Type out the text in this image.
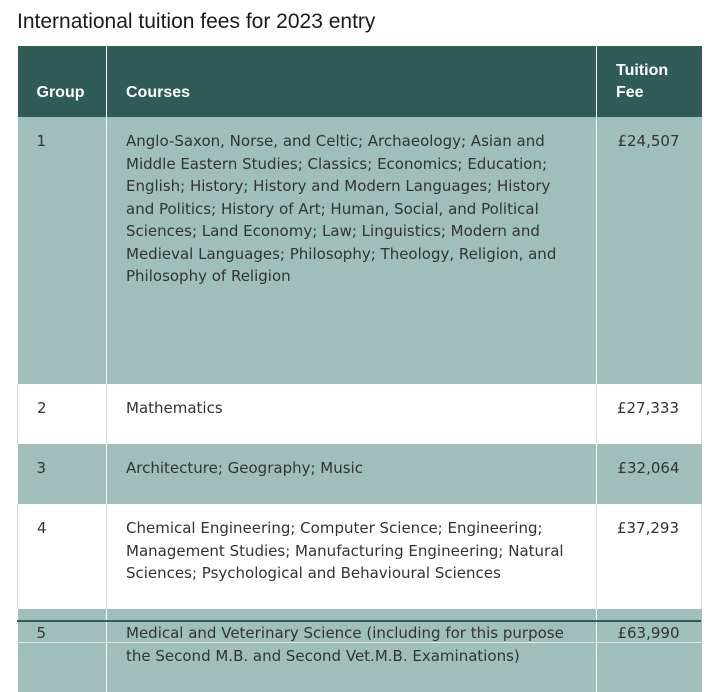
International tuition fees for 2023 entry
Group	Courses	Tuition Fee
1	Anglo-Saxon, Norse, and Celtic; Archaeology; Asian and Middle Eastern Studies; Classics; Economics; Education; English; History; History and Modern Languages; History and Politics; History of Art; Human, Social, and Political Sciences; Land Economy; Law; Linguistics; Modern and Medieval Languages; Philosophy; Theology, Religion, and Philosophy of Religion	£24,507
2	Mathematics	£27,333
3	Architecture; Geography; Music	£32,064
4	Chemical Engineering; Computer Science; Engineering; Management Studies; Manufacturing Engineering; Natural Sciences; Psychological and Behavioural Sciences	£37,293
5	Medical and Veterinary Science (including for this purpose the Second M.B. and Second Vet.M.B. Examinations)	£63,990
